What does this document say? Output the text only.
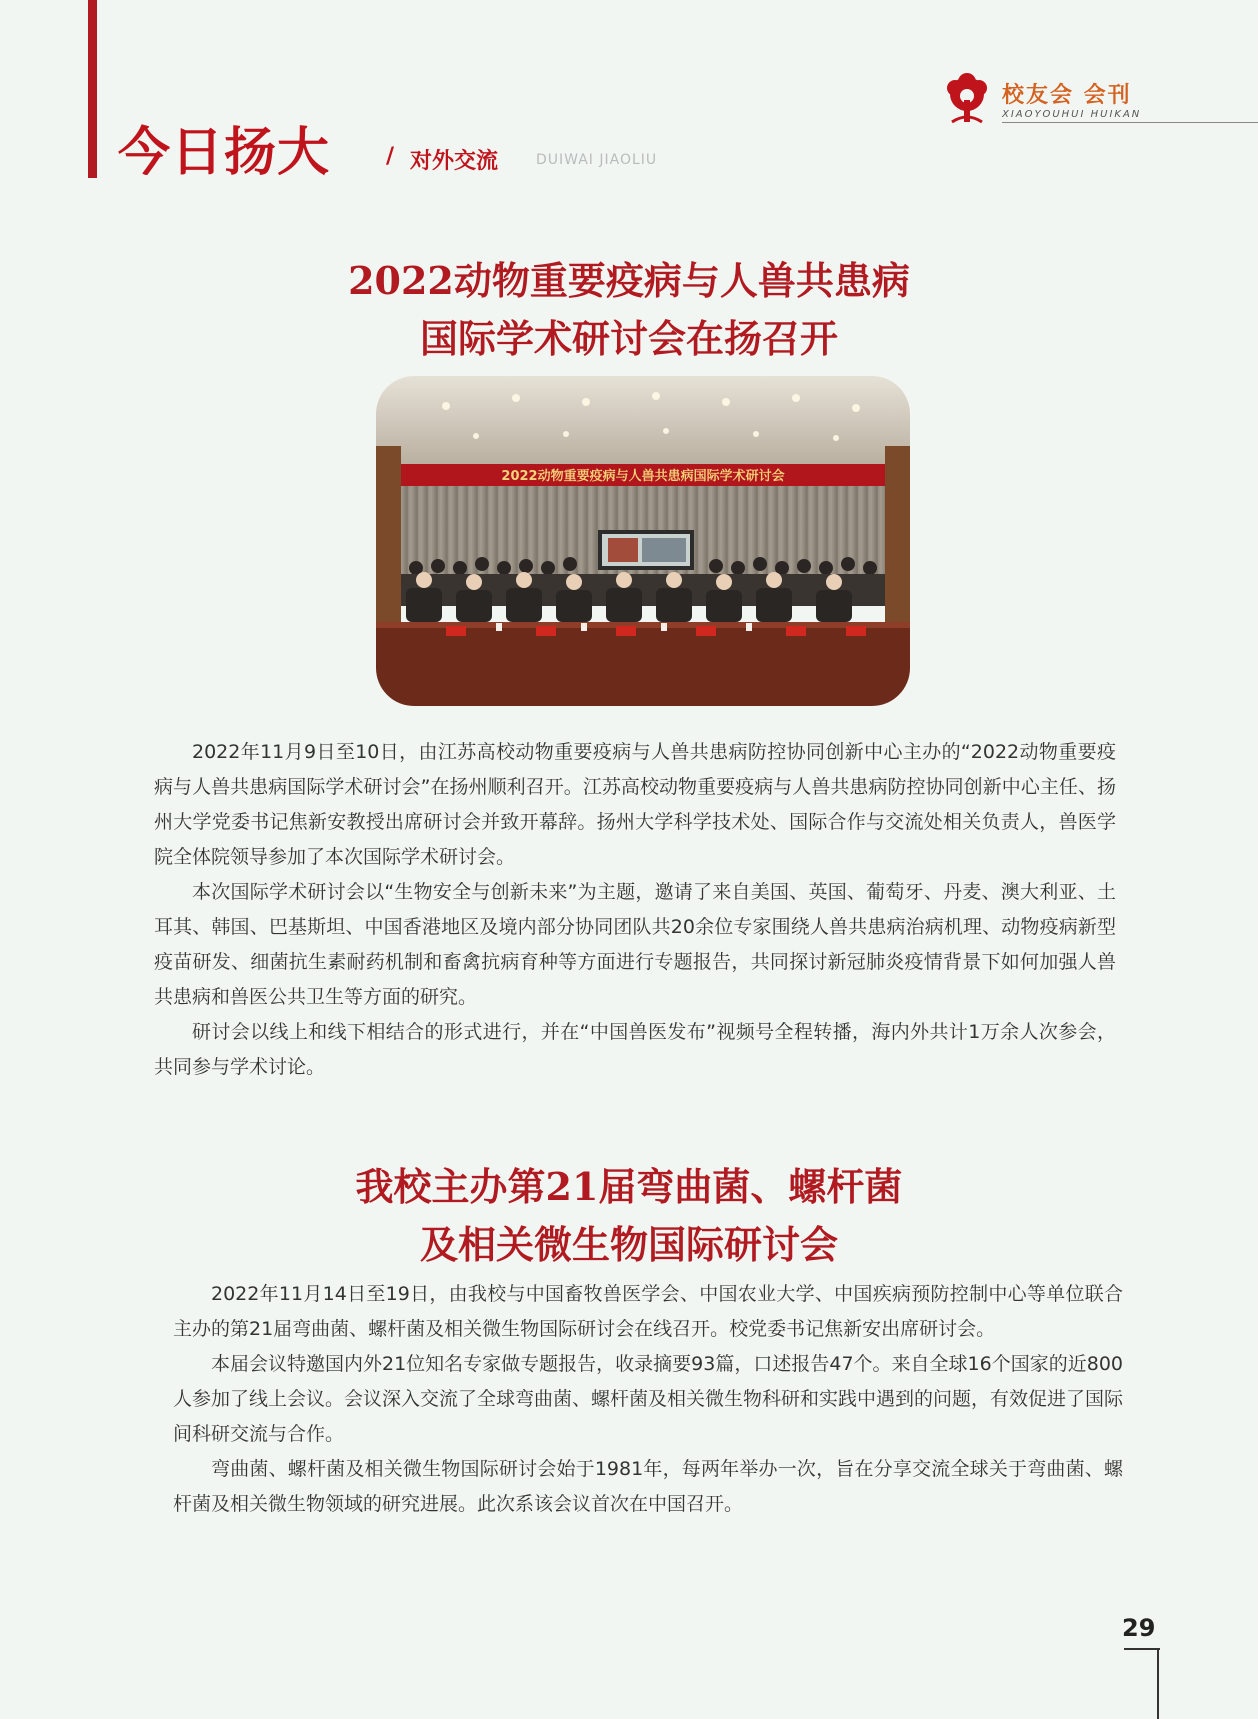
今日扬大	/ 对外交流	DUIWAI JIAOLIU
校友会 会刊
XIAOYOUHUI HUIKAN
2022动物重要疫病与人兽共患病
国际学术研讨会在扬召开
2022动物重要疫病与人兽共患病国际学术研讨会

2022年11月9日至10日，由江苏高校动物重要疫病与人兽共患病防控协同创新中心主办的“2022动物重要疫病与人兽共患病国际学术研讨会”在扬州顺利召开。江苏高校动物重要疫病与人兽共患病防控协同创新中心主任、扬州大学党委书记焦新安教授出席研讨会并致开幕辞。扬州大学科学技术处、国际合作与交流处相关负责人，兽医学院全体院领导参加了本次国际学术研讨会。

本次国际学术研讨会以“生物安全与创新未来”为主题，邀请了来自美国、英国、葡萄牙、丹麦、澳大利亚、土耳其、韩国、巴基斯坦、中国香港地区及境内部分协同团队共20余位专家围绕人兽共患病治病机理、动物疫病新型疫苗研发、细菌抗生素耐药机制和畜禽抗病育种等方面进行专题报告，共同探讨新冠肺炎疫情背景下如何加强人兽共患病和兽医公共卫生等方面的研究。

研讨会以线上和线下相结合的形式进行，并在“中国兽医发布”视频号全程转播，海内外共计1万余人次参会，共同参与学术讨论。

我校主办第21届弯曲菌、螺杆菌
及相关微生物国际研讨会

2022年11月14日至19日，由我校与中国畜牧兽医学会、中国农业大学、中国疾病预防控制中心等单位联合主办的第21届弯曲菌、螺杆菌及相关微生物国际研讨会在线召开。校党委书记焦新安出席研讨会。

本届会议特邀国内外21位知名专家做专题报告，收录摘要93篇，口述报告47个。来自全球16个国家的近800人参加了线上会议。会议深入交流了全球弯曲菌、螺杆菌及相关微生物科研和实践中遇到的问题，有效促进了国际间科研交流与合作。

弯曲菌、螺杆菌及相关微生物国际研讨会始于1981年，每两年举办一次，旨在分享交流全球关于弯曲菌、螺杆菌及相关微生物领域的研究进展。此次系该会议首次在中国召开。

29
